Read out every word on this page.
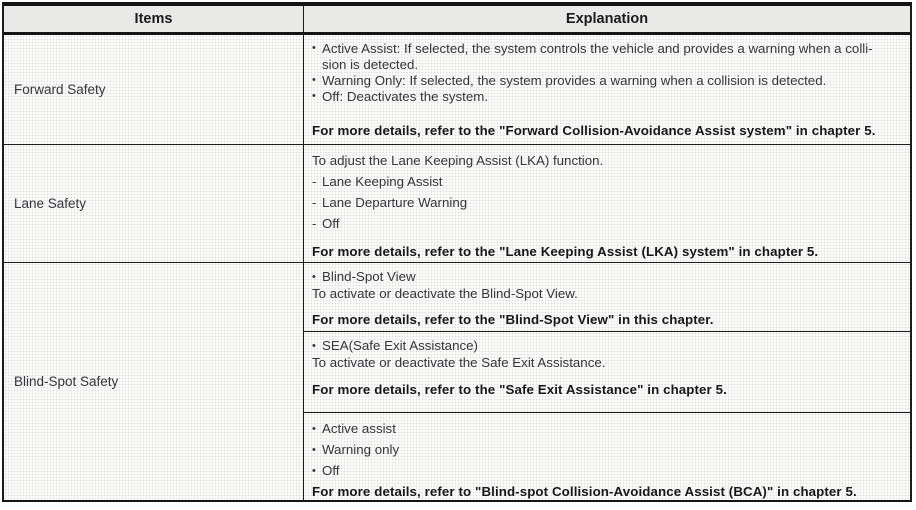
Items	Explanation
Forward Safety
• Active Assist: If selected, the system controls the vehicle and provides a warning when a colli-
sion is detected.
• Warning Only: If selected, the system provides a warning when a collision is detected.
• Off: Deactivates the system.
For more details, refer to the "Forward Collision-Avoidance Assist system" in chapter 5.
Lane Safety
To adjust the Lane Keeping Assist (LKA) function.
- Lane Keeping Assist
- Lane Departure Warning
- Off
For more details, refer to the "Lane Keeping Assist (LKA) system" in chapter 5.
Blind-Spot Safety
• Blind-Spot View
To activate or deactivate the Blind-Spot View.
For more details, refer to the "Blind-Spot View" in this chapter.
• SEA(Safe Exit Assistance)
To activate or deactivate the Safe Exit Assistance.
For more details, refer to the "Safe Exit Assistance" in chapter 5.
• Active assist
• Warning only
• Off
For more details, refer to "Blind-spot Collision-Avoidance Assist (BCA)" in chapter 5.
